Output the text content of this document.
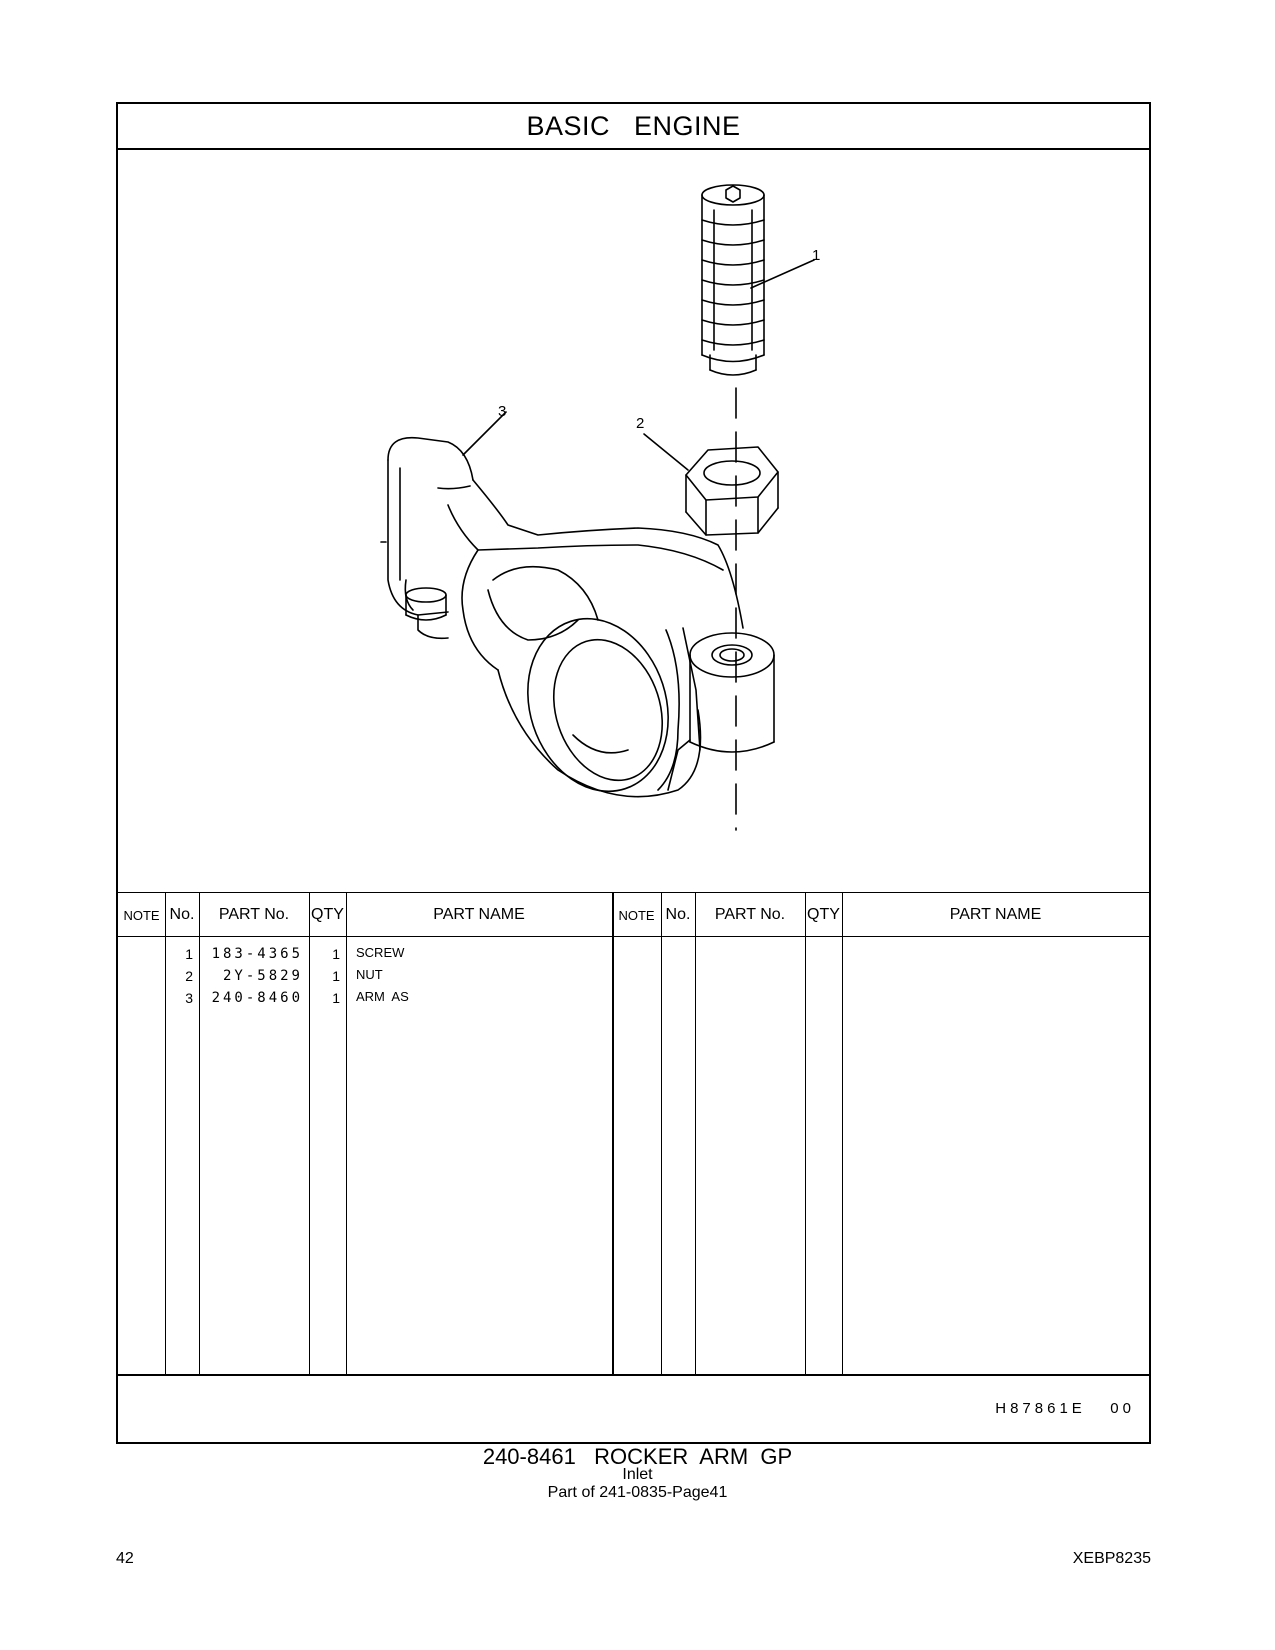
BASIC   ENGINE
1
2
3
NOTE No.	PART No.	QTY	PART NAME	NOTE No.	PART No.	QTY	PART NAME
1	183-4365	1 SCREW
2	2Y-5829	1 NUT
3	240-8460	1 ARM  AS
H87861E   00
240-8461   ROCKER  ARM  GP
Inlet
Part of 241-0835-Page41
42	XEBP8235
